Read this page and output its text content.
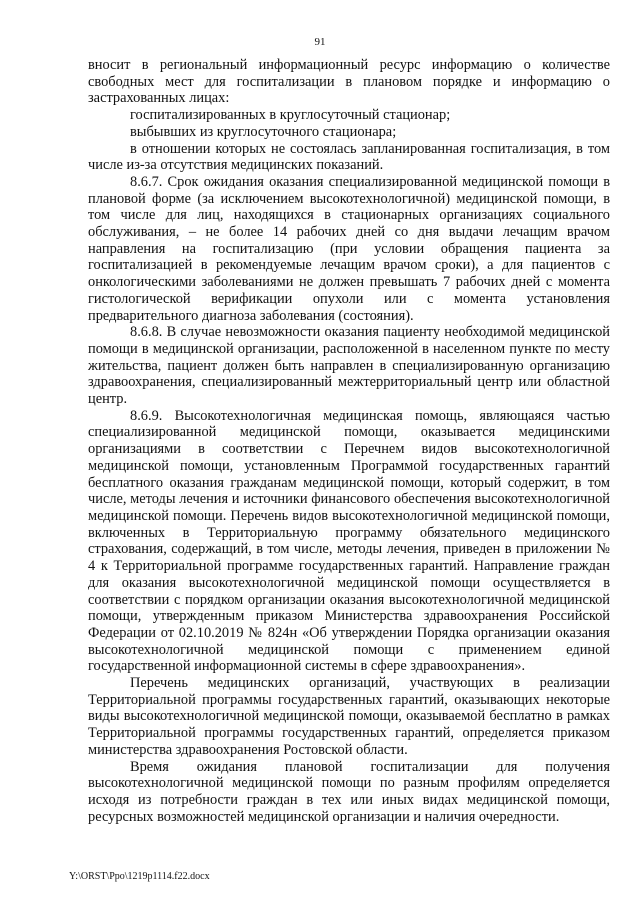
91

вносит в региональный информационный ресурс информацию о количестве свободных мест для госпитализации в плановом порядке и информацию о застрахованных лицах:

госпитализированных в круглосуточный стационар;

выбывших из круглосуточного стационара;

в отношении которых не состоялась запланированная госпитализация, в том числе из-за отсутствия медицинских показаний.

8.6.7. Срок ожидания оказания специализированной медицинской помощи в плановой форме (за исключением высокотехнологичной) медицинской помощи, в том числе для лиц, находящихся в стационарных организациях социального обслуживания, – не более 14 рабочих дней со дня выдачи лечащим врачом направления на госпитализацию (при условии обращения пациента за госпитализацией в рекомендуемые лечащим врачом сроки), а для пациентов с онкологическими заболеваниями не должен превышать 7 рабочих дней с момента гистологической верификации опухоли или с момента установления предварительного диагноза заболевания (состояния).

8.6.8. В случае невозможности оказания пациенту необходимой медицинской помощи в медицинской организации, расположенной в населенном пункте по месту жительства, пациент должен быть направлен в специализированную организацию здравоохранения, специализированный межтерриториальный центр или областной центр.

8.6.9. Высокотехнологичная медицинская помощь, являющаяся частью специализированной медицинской помощи, оказывается медицинскими организациями в соответствии с Перечнем видов высокотехнологичной медицинской помощи, установленным Программой государственных гарантий бесплатного оказания гражданам медицинской помощи, который содержит, в том числе, методы лечения и источники финансового обеспечения высокотехнологичной медицинской помощи. Перечень видов высокотехнологичной медицинской помощи, включенных в Территориальную программу обязательного медицинского страхования, содержащий, в том числе, методы лечения, приведен в приложении № 4 к Территориальной программе государственных гарантий. Направление граждан для оказания высокотехнологичной медицинской помощи осуществляется в соответствии с порядком организации оказания высокотехнологичной медицинской помощи, утвержденным приказом Министерства здравоохранения Российской Федерации от 02.10.2019 № 824н «Об утверждении Порядка организации оказания высокотехнологичной медицинской помощи с применением единой государственной информационной системы в сфере здравоохранения».

Перечень медицинских организаций, участвующих в реализации Территориальной программы государственных гарантий, оказывающих некоторые виды высокотехнологичной медицинской помощи, оказываемой бесплатно в рамках Территориальной программы государственных гарантий, определяется приказом министерства здравоохранения Ростовской области.

Время ожидания плановой госпитализации для получения высокотехнологичной медицинской помощи по разным профилям определяется исходя из потребности граждан в тех или иных видах медицинской помощи, ресурсных возможностей медицинской организации и наличия очередности.

Y:\ORST\Ppo\1219p1114.f22.docx
